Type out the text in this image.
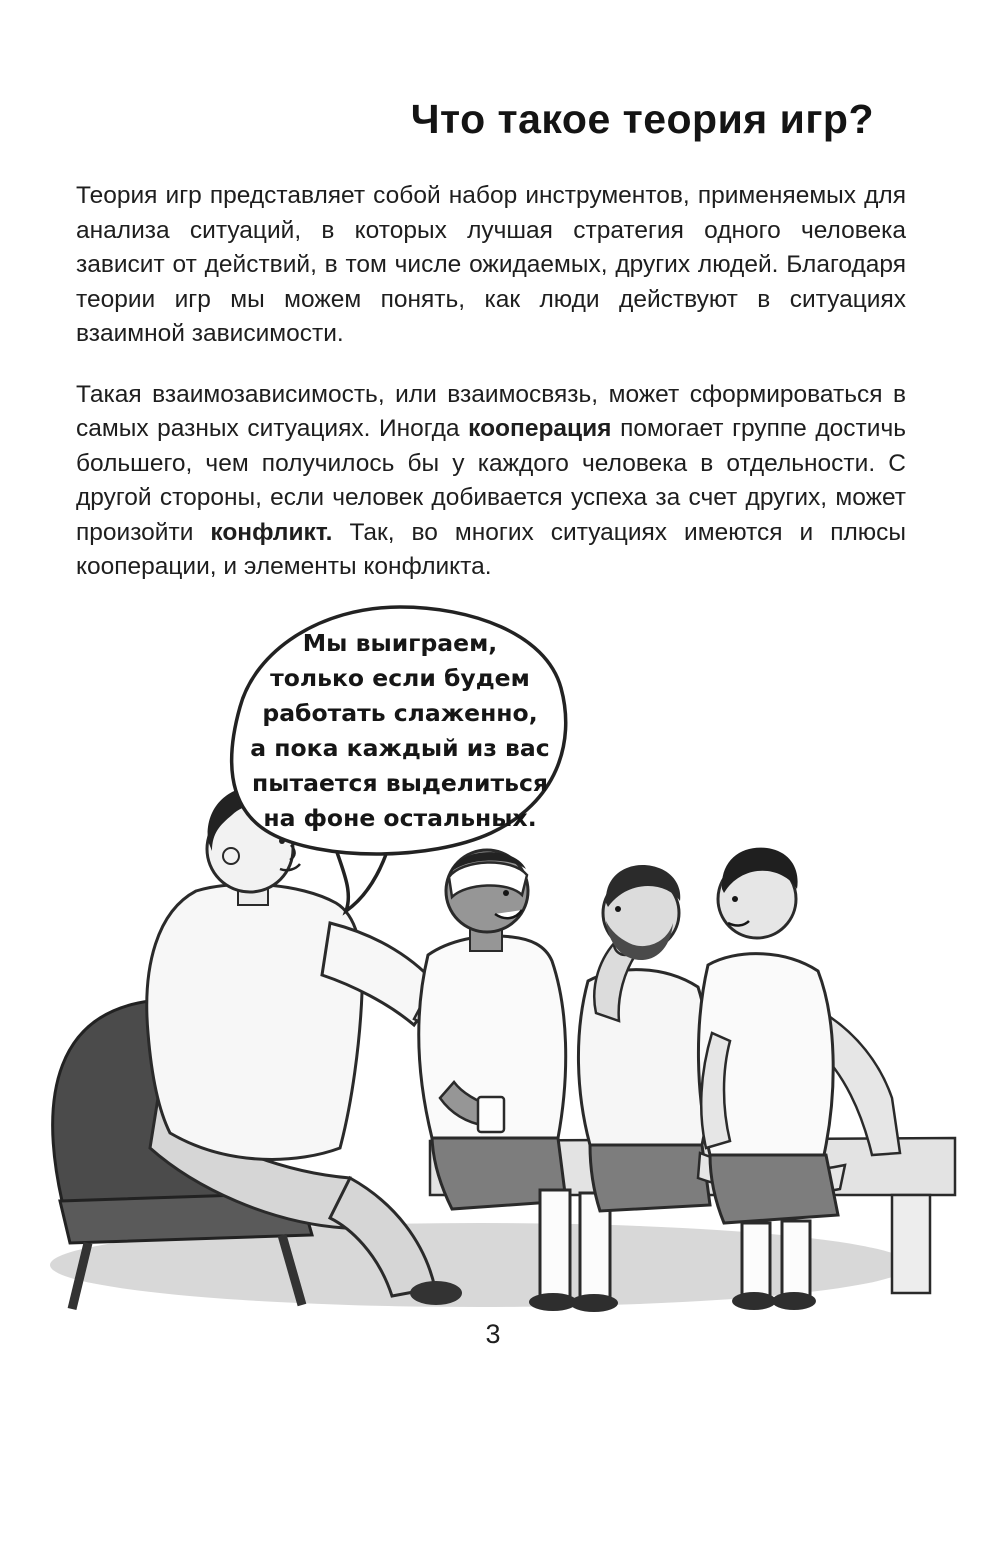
Что такое теория игр?

Теория игр представляет собой набор инструментов, применяемых для анализа ситуаций, в которых лучшая стратегия одного человека зависит от действий, в том числе ожидаемых, других людей. Благодаря теории игр мы можем понять, как люди действуют в ситуациях взаимной зависимости.

Такая взаимозависимость, или взаимосвязь, может сформироваться в самых разных ситуациях. Иногда кооперация помогает группе достичь большего, чем получилось бы у каждого человека в отдельности. С другой стороны, если человек добивается успеха за счет других, может произойти конфликт. Так, во многих ситуациях имеются и плюсы кооперации, и элементы конфликта.

Мы выиграем,
только если будем
работать слаженно,
а пока каждый из вас
пытается выделиться
на фоне остальных.
3
